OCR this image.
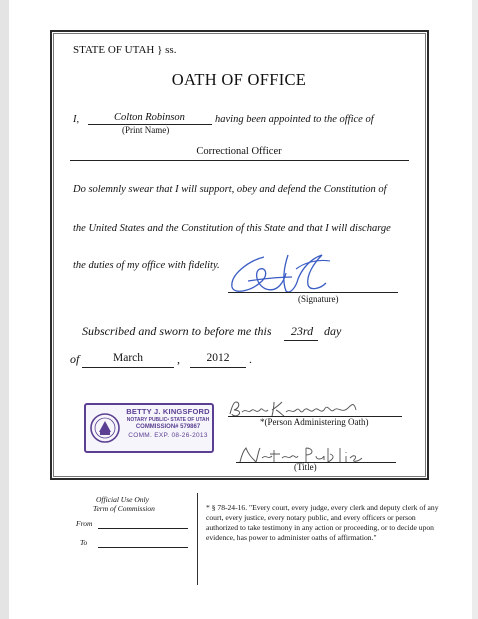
STATE OF UTAH } ss.
OATH OF OFFICE
I,	Colton Robinson
(Print Name)
having been appointed to the office of
Correctional Officer
Do solemnly swear that I will support, obey and defend the Constitution of
the United States and the Constitution of this State and that I will discharge
the duties of my office with fidelity.
(Signature)
Subscribed and sworn to before me this	23rd day
of	March	,	2012	.
BETTY J. KINGSFORD
NOTARY PUBLIC• STATE OF UTAH
COMMISSION# 579867
COMM. EXP. 08-26-2013
*(Person Administering Oath)
(Title)
Official Use Only
Term of Commission
From
To
* § 78-24-16. "Every court, every judge, every clerk and deputy clerk of any court, every justice, every notary public, and every officers or person authorized to take testimony in any action or proceeding, or to decide upon evidence, has power to administer oaths of affirmation."
